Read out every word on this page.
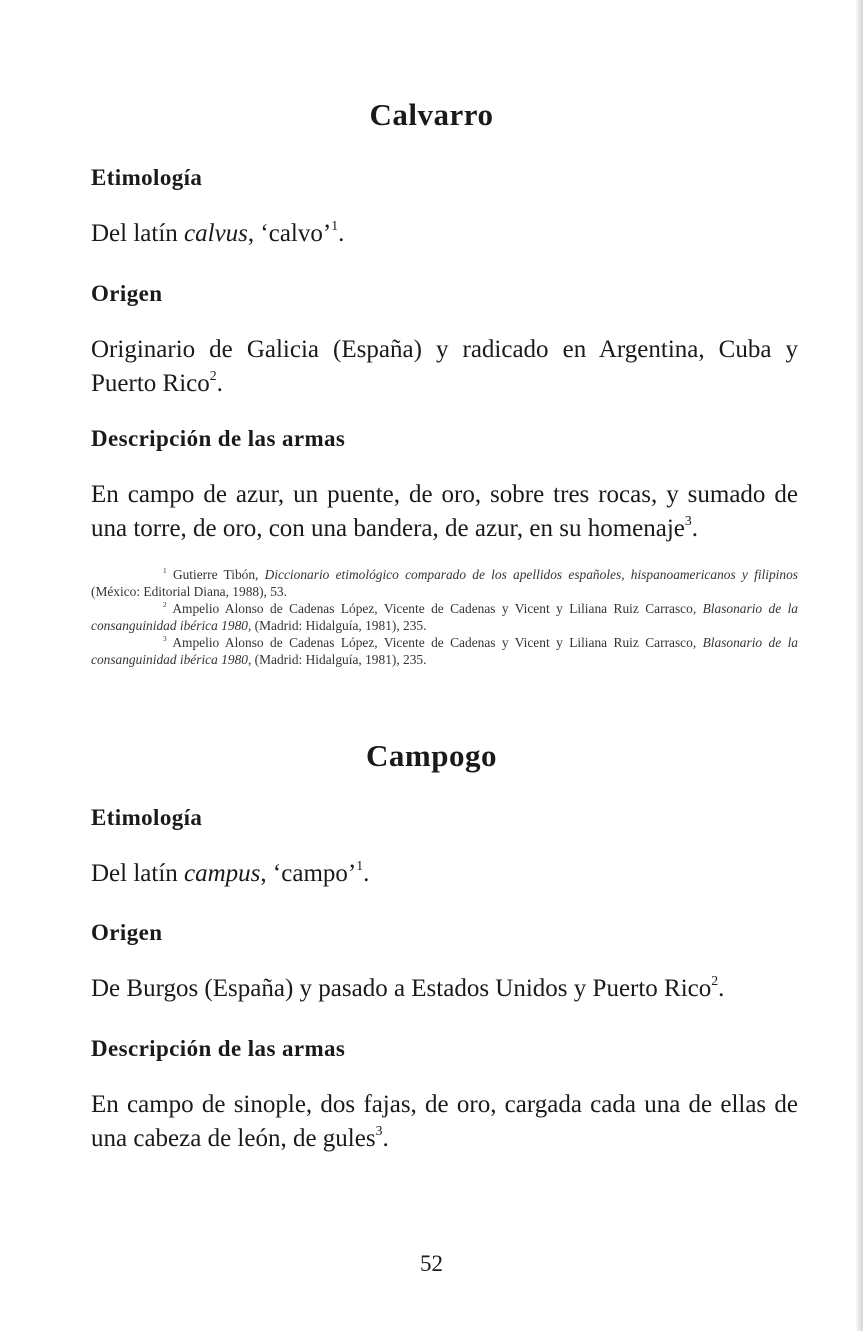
Calvarro
Etimología

Del latín calvus, ‘calvo’$^1$.

Origen

Originario de Galicia (España) y radicado en Argentina, Cuba y Puerto Rico$^2$.

Descripción de las armas

En campo de azur, un puente, de oro, sobre tres rocas, y sumado de una torre, de oro, con una bandera, de azur, en su homenaje$^3$.

$^1$ Gutierre Tibón, Diccionario etimológico comparado de los apellidos españoles, hispanoamericanos y filipinos (México: Editorial Diana, 1988), 53.

$^2$ Ampelio Alonso de Cadenas López, Vicente de Cadenas y Vicent y Liliana Ruiz Carrasco, Blasonario de la consanguinidad ibérica 1980, (Madrid: Hidalguía, 1981), 235.

$^3$ Ampelio Alonso de Cadenas López, Vicente de Cadenas y Vicent y Liliana Ruiz Carrasco, Blasonario de la consanguinidad ibérica 1980, (Madrid: Hidalguía, 1981), 235.

Campogo
Etimología

Del latín campus, ‘campo’$^1$.

Origen

De Burgos (España) y pasado a Estados Unidos y Puerto Rico$^2$.

Descripción de las armas

En campo de sinople, dos fajas, de oro, cargada cada una de ellas de una cabeza de león, de gules$^3$.

52
